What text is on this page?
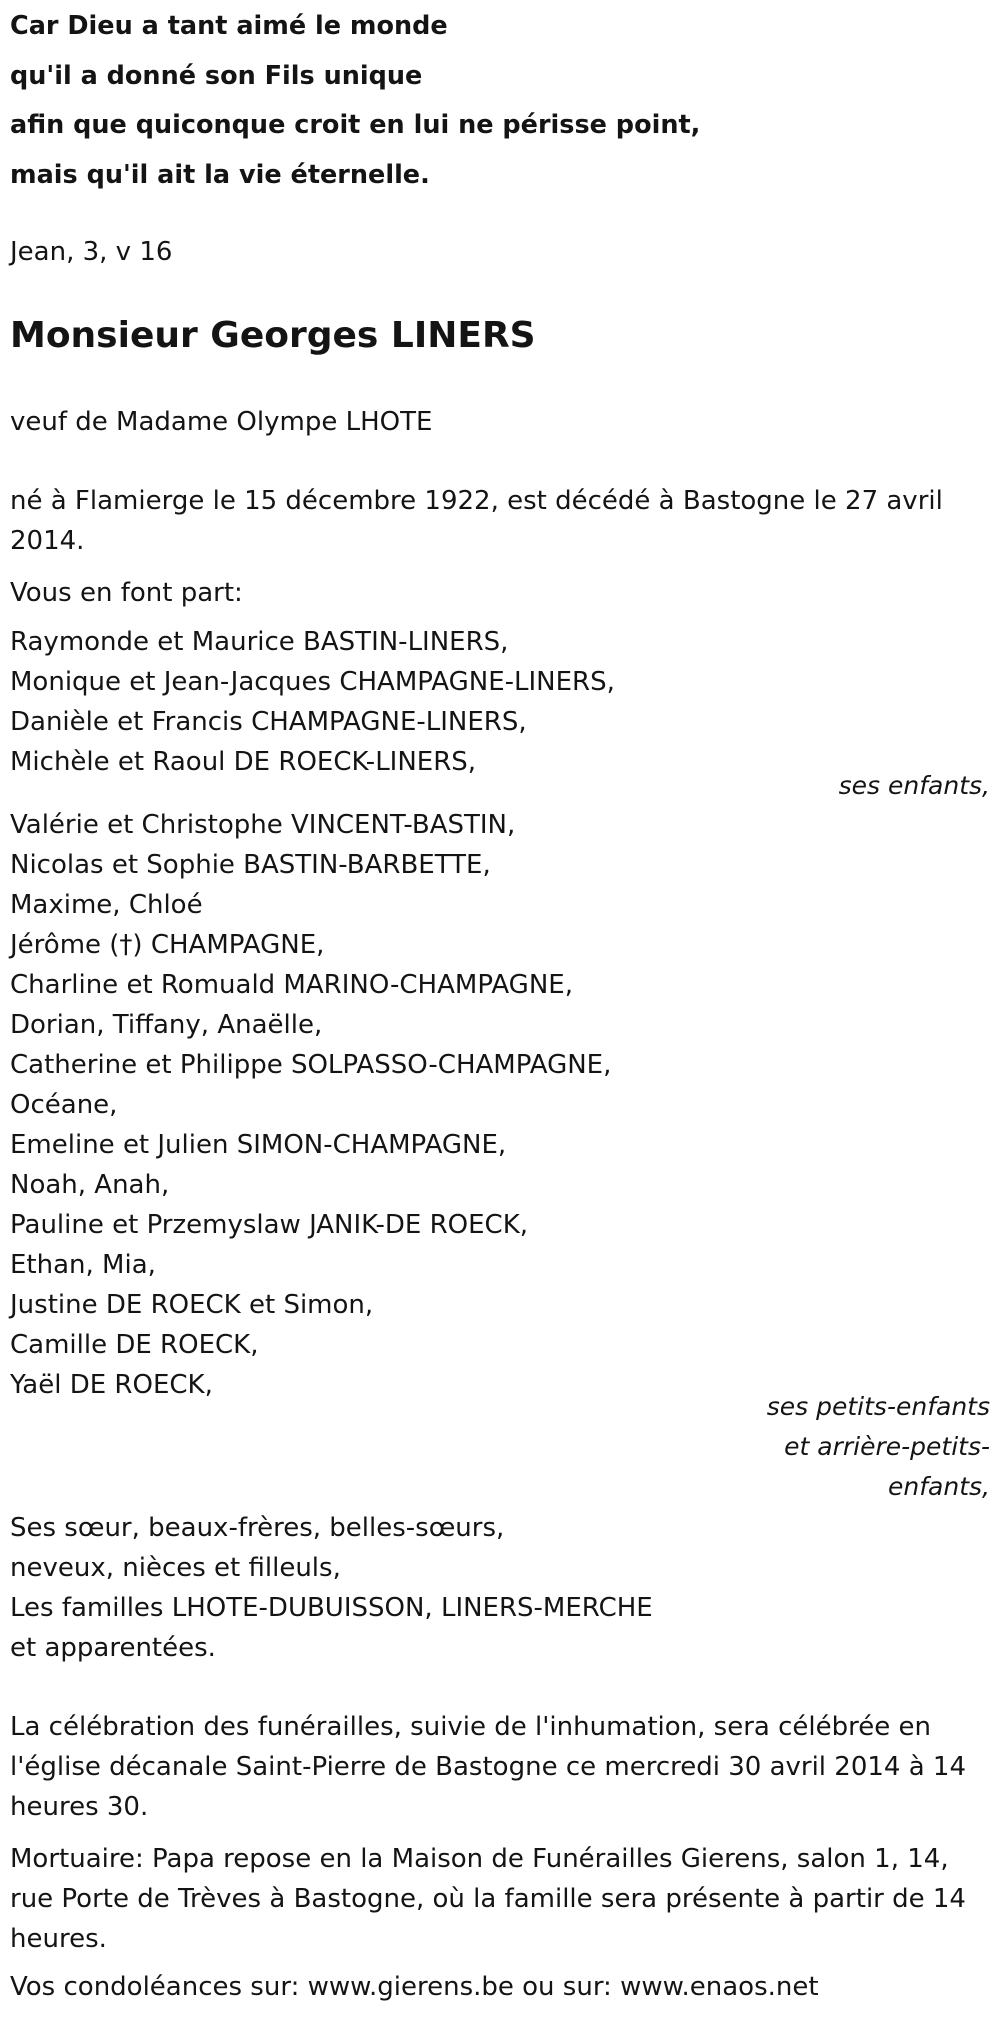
Car Dieu a tant aimé le monde
qu'il a donné son Fils unique
afin que quiconque croit en lui ne périsse point,
mais qu'il ait la vie éternelle.
Jean, 3, v 16
Monsieur Georges LINERS
veuf de Madame Olympe LHOTE
né à Flamierge le 15 décembre 1922, est décédé à Bastogne le 27 avril 2014.
Vous en font part:
Raymonde et Maurice BASTIN-LINERS,
Monique et Jean-Jacques CHAMPAGNE-LINERS,
Danièle et Francis CHAMPAGNE-LINERS,
Michèle et Raoul DE ROECK-LINERS,
ses enfants,
Valérie et Christophe VINCENT-BASTIN,
Nicolas et Sophie BASTIN-BARBETTE,
Maxime, Chloé
Jérôme (†) CHAMPAGNE,
Charline et Romuald MARINO-CHAMPAGNE,
Dorian, Tiffany, Anaëlle,
Catherine et Philippe SOLPASSO-CHAMPAGNE,
Océane,
Emeline et Julien SIMON-CHAMPAGNE,
Noah, Anah,
Pauline et Przemyslaw JANIK-DE ROECK,
Ethan, Mia,
Justine DE ROECK et Simon,
Camille DE ROECK,
Yaël DE ROECK,
ses petits-enfants
et arrière-petits-
enfants,
Ses sœur, beaux-frères, belles-sœurs,
neveux, nièces et filleuls,
Les familles LHOTE-DUBUISSON, LINERS-MERCHE
et apparentées.
La célébration des funérailles, suivie de l'inhumation, sera célébrée en l'église décanale Saint-Pierre de Bastogne ce mercredi 30 avril 2014 à 14 heures 30.
Mortuaire: Papa repose en la Maison de Funérailles Gierens, salon 1, 14, rue Porte de Trèves à Bastogne, où la famille sera présente à partir de 14 heures.
Vos condoléances sur: www.gierens.be ou sur: www.enaos.net
